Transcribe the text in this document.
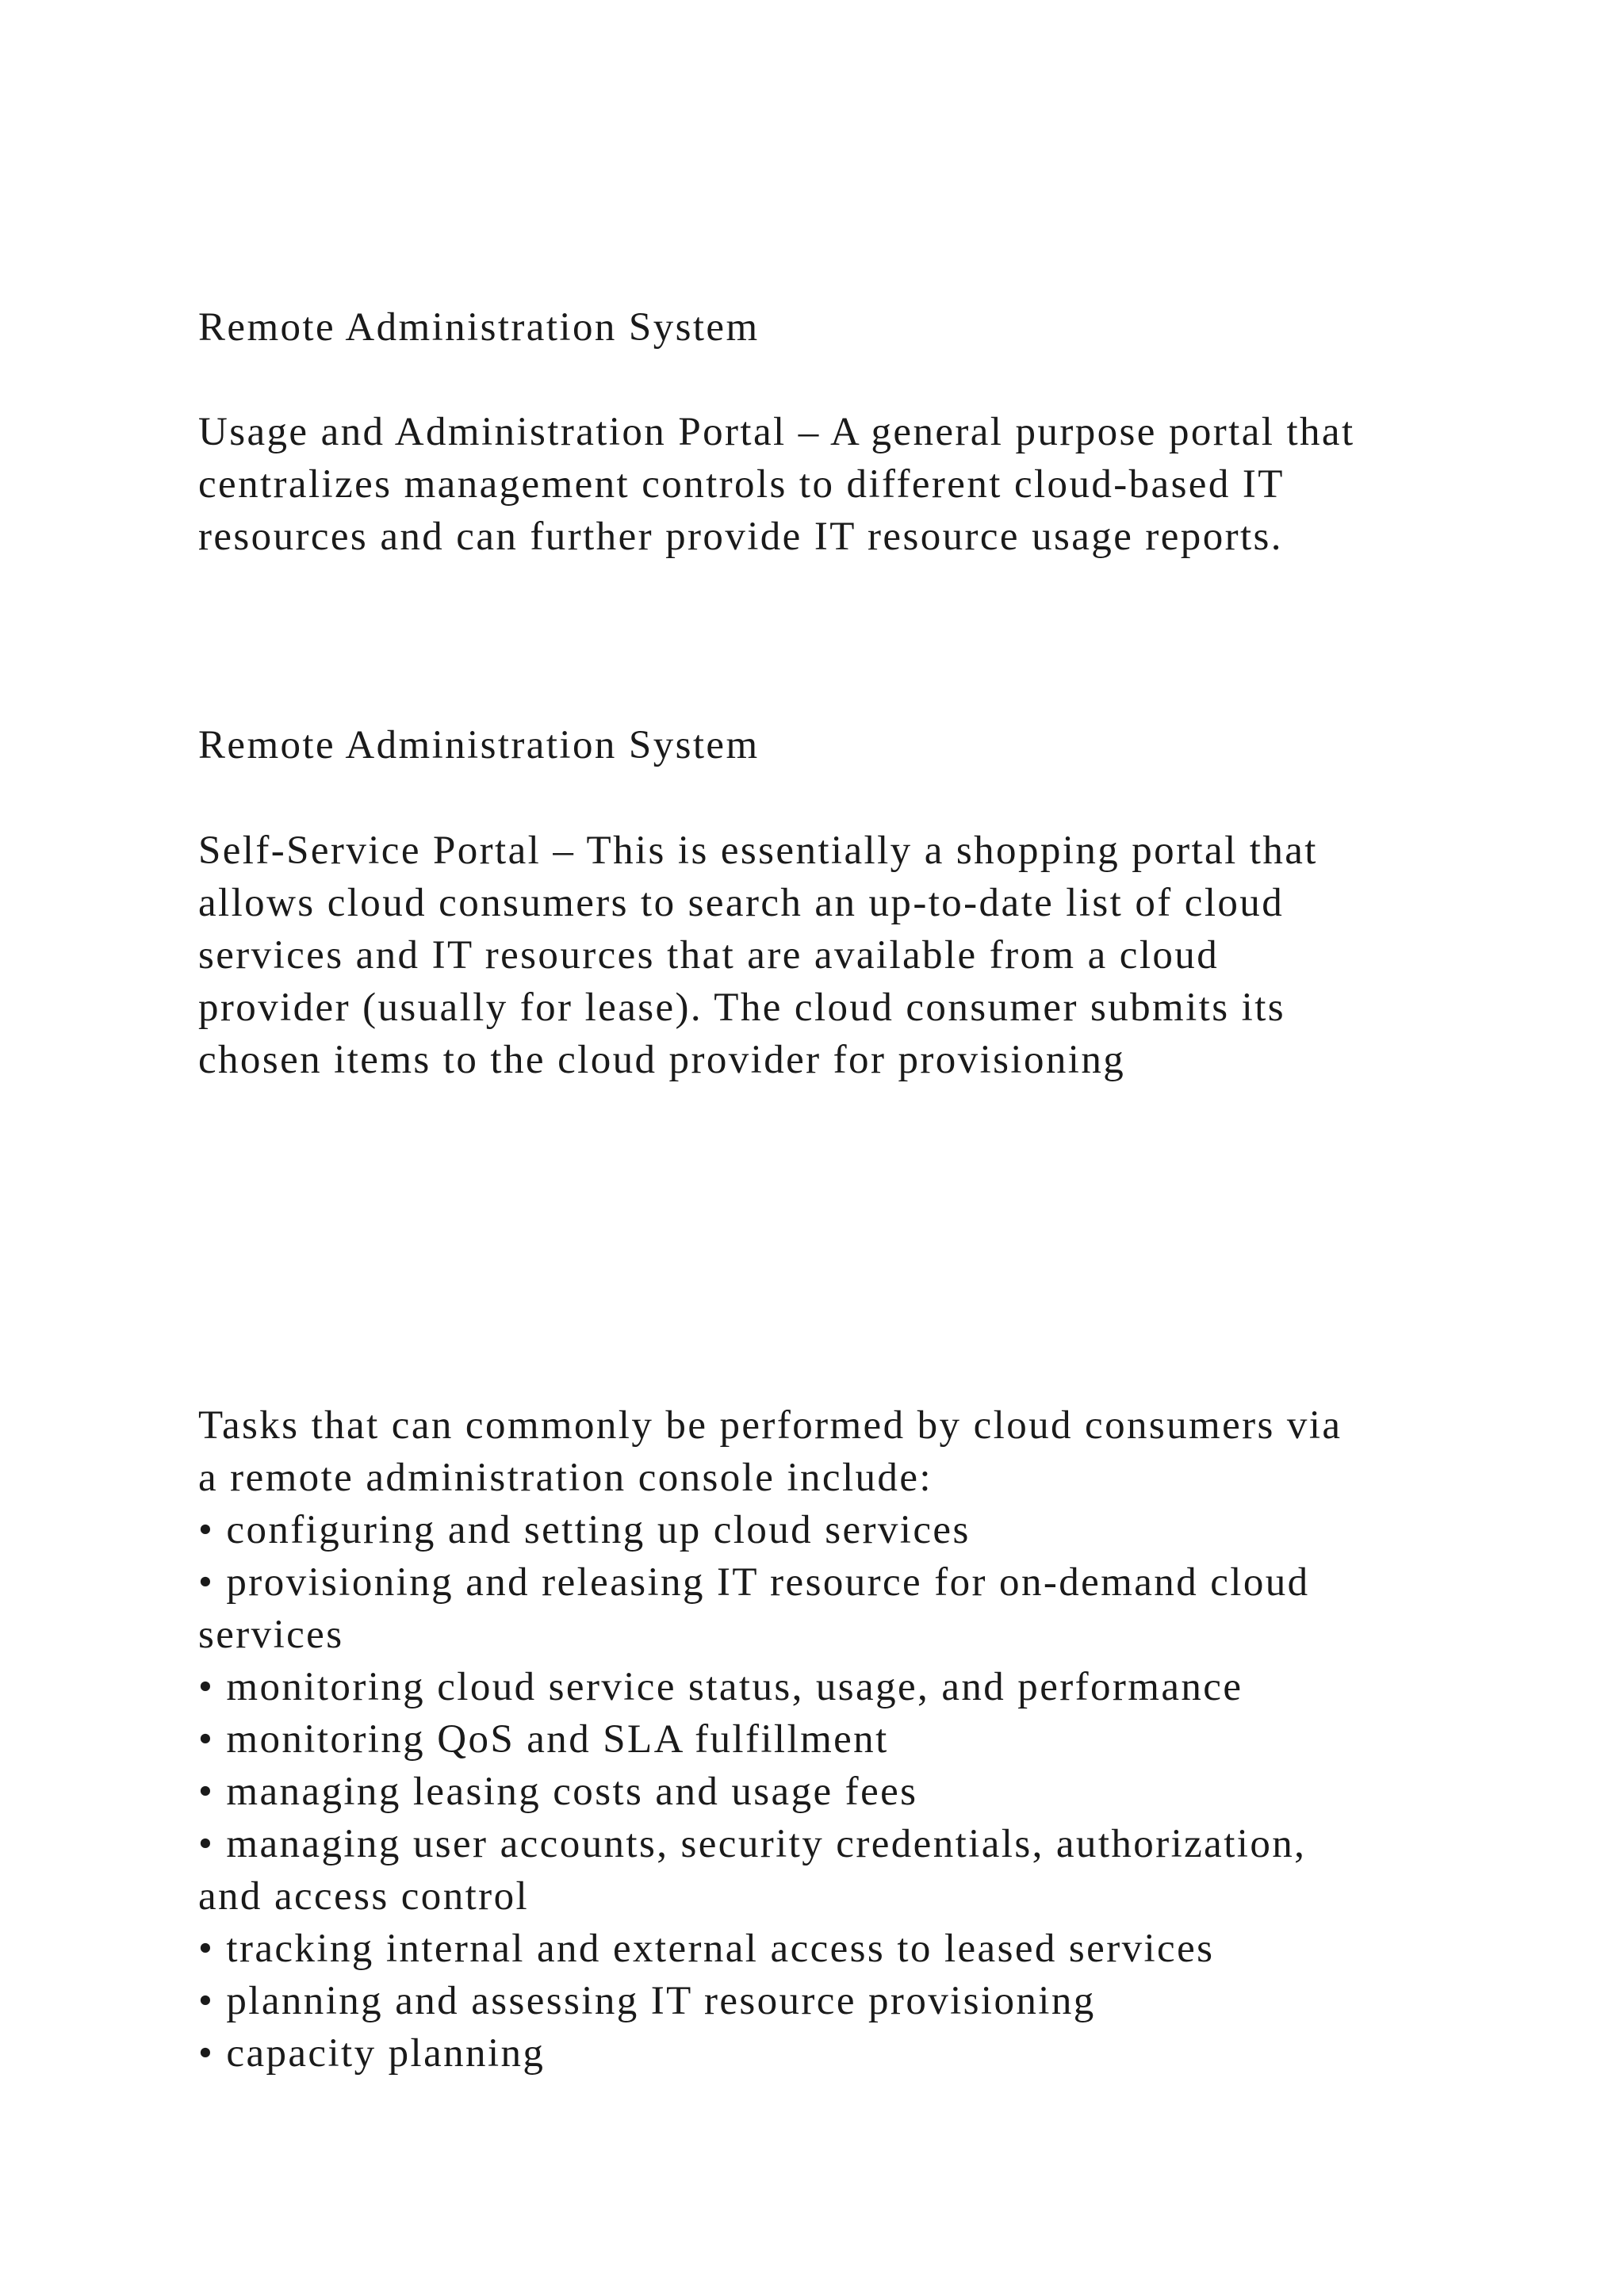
Remote Administration System
Usage and Administration Portal – A general purpose portal that
centralizes management controls to different cloud-based IT
resources and can further provide IT resource usage reports.
Remote Administration System
Self-Service Portal – This is essentially a shopping portal that
allows cloud consumers to search an up-to-date list of cloud
services and IT resources that are available from a cloud
provider (usually for lease). The cloud consumer submits its
chosen items to the cloud provider for provisioning
Tasks that can commonly be performed by cloud consumers via
a remote administration console include:
• configuring and setting up cloud services
• provisioning and releasing IT resource for on-demand cloud
services
• monitoring cloud service status, usage, and performance
• monitoring QoS and SLA fulfillment
• managing leasing costs and usage fees
• managing user accounts, security credentials, authorization,
and access control
• tracking internal and external access to leased services
• planning and assessing IT resource provisioning
• capacity planning
